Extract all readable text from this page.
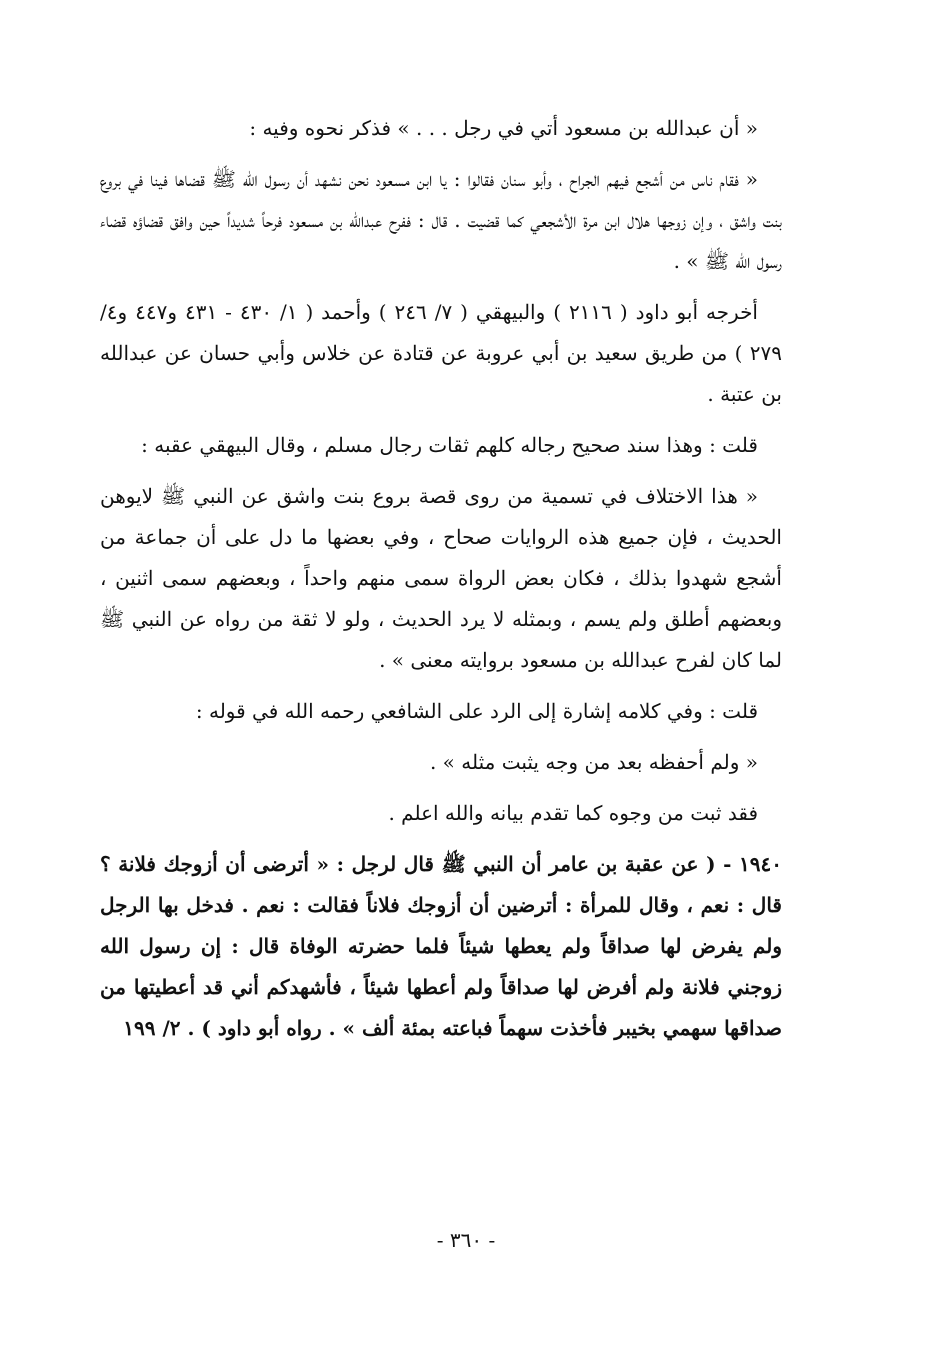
« أن عبدالله بن مسعود أتي في رجل . . . » فذكر نحوه وفيه :

« فقام ناس من أشجع فيهم الجراح ، وأبو سنان فقالوا : يا ابن مسعود نحن نشهد أن رسول الله ﷺ قضاها فينا في بروع بنت واشق ، وإن زوجها هلال ابن مرة الأشجعي كما قضيت . قال : ففرح عبدالله بن مسعود فرحاً شديداً حين وافق قضاؤه قضاء رسول الله ﷺ » .

أخرجه أبو داود ( ٢١١٦ ) والبيهقي ( ٧/ ٢٤٦ ) وأحمد ( ١/ ٤٣٠ - ٤٣١ و٤٤٧ و٤/ ٢٧٩ ) من طريق سعيد بن أبي عروبة عن قتادة عن خلاس وأبي حسان عن عبدالله بن عتبة .

قلت : وهذا سند صحيح رجاله كلهم ثقات رجال مسلم ، وقال البيهقي عقبه :

« هذا الاختلاف في تسمية من روى قصة بروع بنت واشق عن النبي ﷺ لايوهن الحديث ، فإن جميع هذه الروايات صحاح ، وفي بعضها ما دل على أن جماعة من أشجع شهدوا بذلك ، فكان بعض الرواة سمى منهم واحداً ، وبعضهم سمى اثنين ، وبعضهم أطلق ولم يسم ، وبمثله لا يرد الحديث ، ولو لا ثقة من رواه عن النبي ﷺ لما كان لفرح عبدالله بن مسعود بروايته معنى » .

قلت : وفي كلامه إشارة إلى الرد على الشافعي رحمه الله في قوله :

« ولم أحفظه بعد من وجه يثبت مثله » .

فقد ثبت من وجوه كما تقدم بيانه والله اعلم .

١٩٤٠ - ( عن عقبة بن عامر أن النبي ﷺ قال لرجل : « أترضى أن أزوجك فلانة ؟ قال : نعم ، وقال للمرأة : أترضين أن أزوجك فلاناً فقالت : نعم . فدخل بها الرجل ولم يفرض لها صداقاً ولم يعطها شيئاً فلما حضرته الوفاة قال : إن رسول الله زوجني فلانة ولم أفرض لها صداقاً ولم أعطها شيئاً ، فأشهدكم أني قد أعطيتها من صداقها سهمي بخيبر فأخذت سهماً فباعته بمئة ألف » . رواه أبو داود ) . ٢/ ١٩٩

- ٣٦٠ -
